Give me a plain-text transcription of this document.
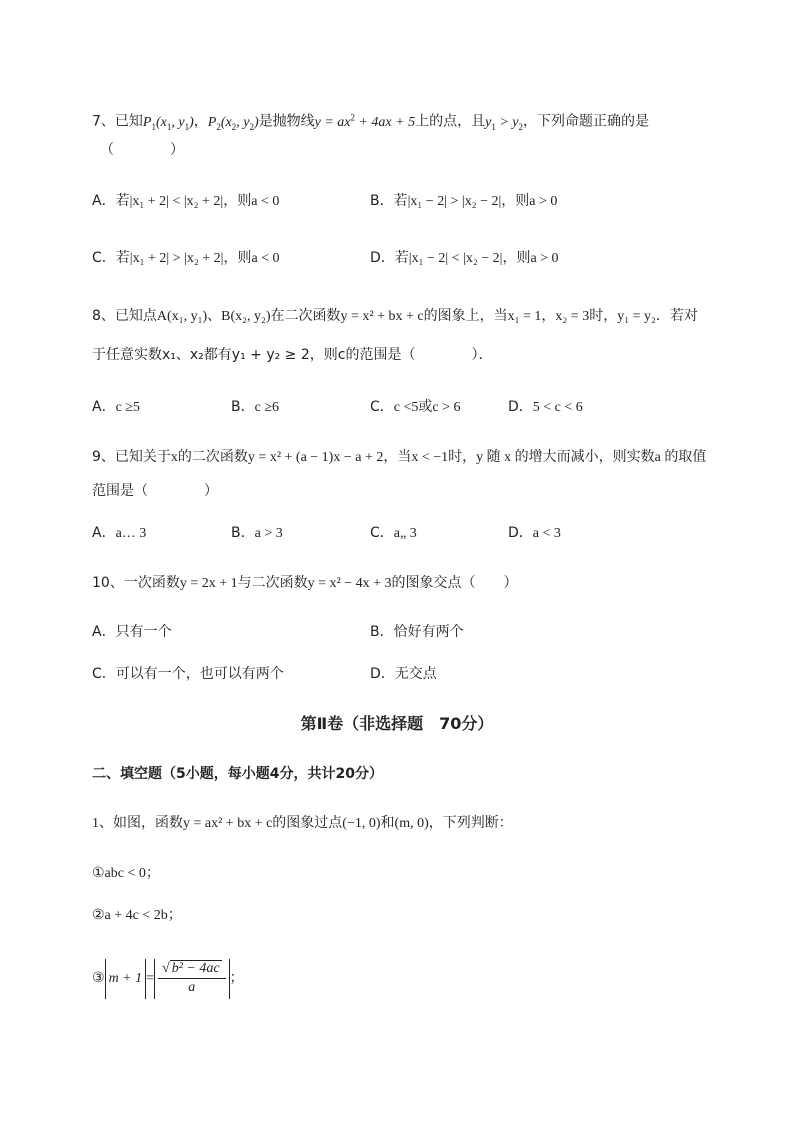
7、已知$P_1(x_1$, $y_1$)，$P_2(x_2$, $y_2$)是抛物线$y = ax^2 + 4ax + 5$上的点，且$y_1 > y_2$，下列命题正确的是
（　　　　）
A．若|x₁ + 2| < |x₂ + 2|，则a < 0	B．若|x₁ − 2| > |x₂ − 2|，则a > 0
C．若|x₁ + 2| > |x₂ + 2|，则a < 0	D．若|x₁ − 2| < |x₂ − 2|，则a > 0
8、已知点A(x₁, y₁)、B(x₂, y₂)在二次函数y = x² + bx + c的图象上，当x₁ = 1，x₂ = 3时，y₁ = y₂．若对
于任意实数x₁、x₂都有y₁ + y₂ ≥ 2，则c的范围是（　　　　）．
A．c ≥5	B．c ≥6	C．c <5或c > 6	D．5 < c < 6
9、已知关于x的二次函数y = x² + (a − 1)x − a + 2，当x < −1时，y 随 x 的增大而减小，则实数a 的取值
范围是（　　　　）
A．a… 3	B．a > 3	C．a„ 3	D．a < 3
10、一次函数y = 2x + 1与二次函数y = x² − 4x + 3的图象交点（　　）
A．只有一个	B．恰好有两个
C．可以有一个，也可以有两个	D．无交点
第Ⅱ卷（非选择题　70分）
二、填空题（5小题，每小题4分，共计20分）
1、如图，函数y = ax² + bx + c的图象过点(−1, 0)和(m, 0)，下列判断：
①abc < 0；
②a + 4c < 2b；
③ $m + 1 = \frac{\text{√ b² − 4ac}}{a}$ ；
